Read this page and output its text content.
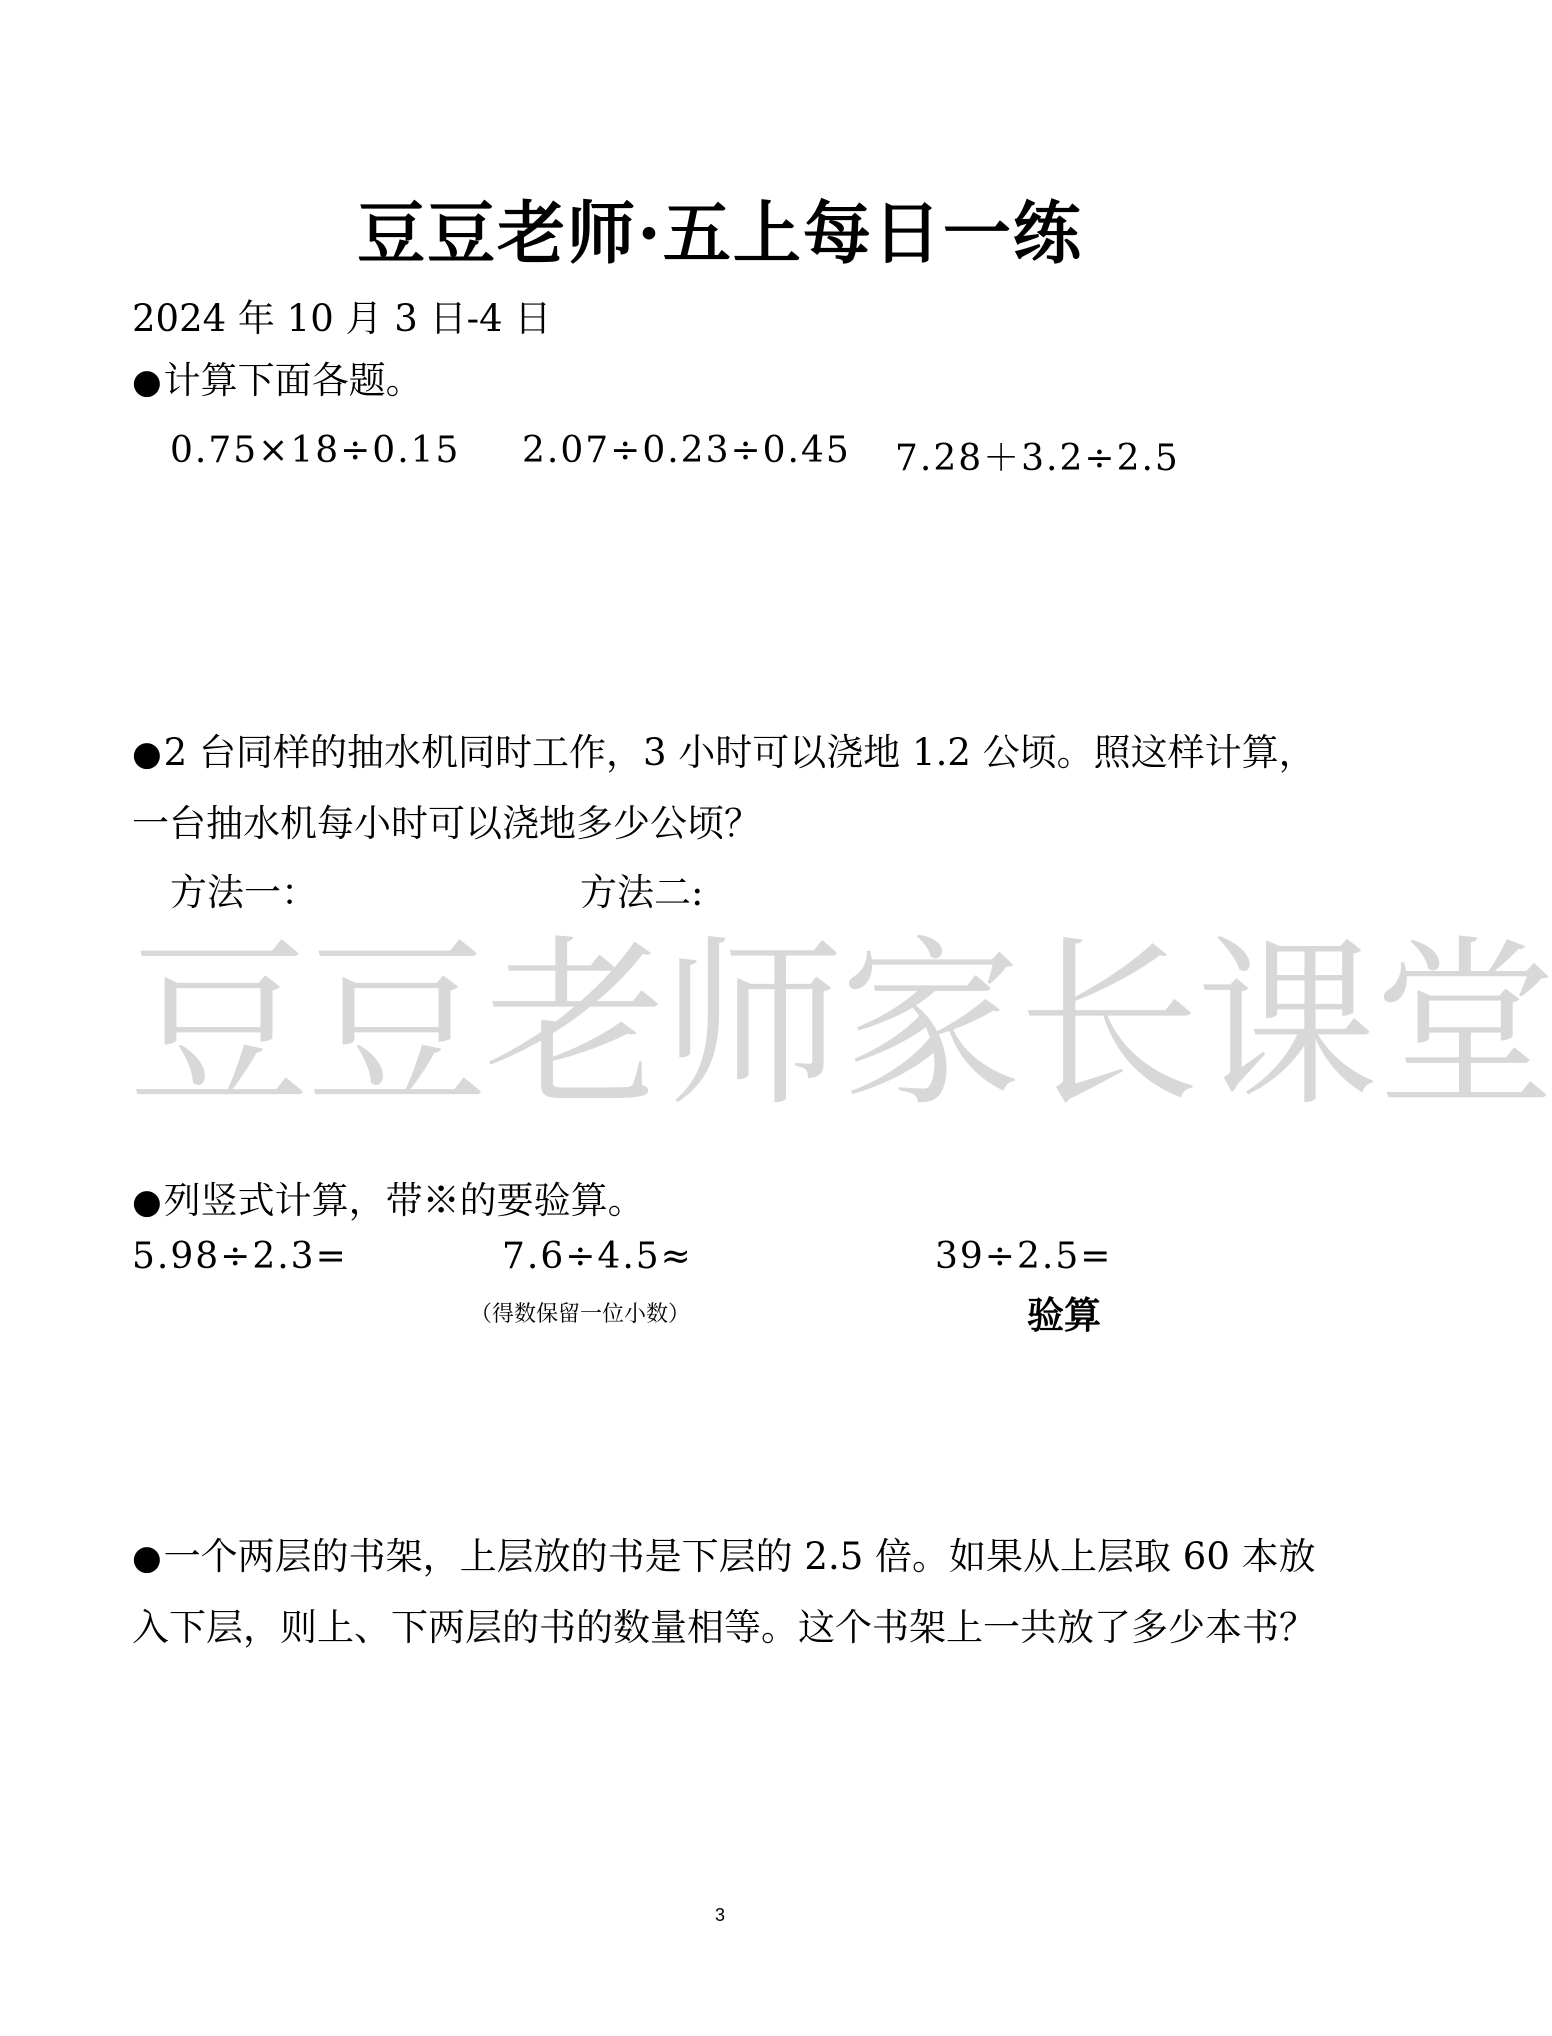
豆豆老师·五上每日一练
2024 年 10 月 3 日-4 日
●计算下面各题。
0.75×18÷0.15 2.07÷0.23÷0.45 7.28＋3.2÷2.5
●2 台同样的抽水机同时工作，3 小时可以浇地 1.2 公顷。照这样计算，一台抽水机每小时可以浇地多少公顷？
方法一：	方法二:
豆豆老师家长课堂
●列竖式计算，带※的要验算。
5.98÷2.3=	7.6÷4.5≈	39÷2.5=
（得数保留一位小数）	验算
●一个两层的书架，上层放的书是下层的 2.5 倍。如果从上层取 60 本放入下层，则上、下两层的书的数量相等。这个书架上一共放了多少本书？
3
